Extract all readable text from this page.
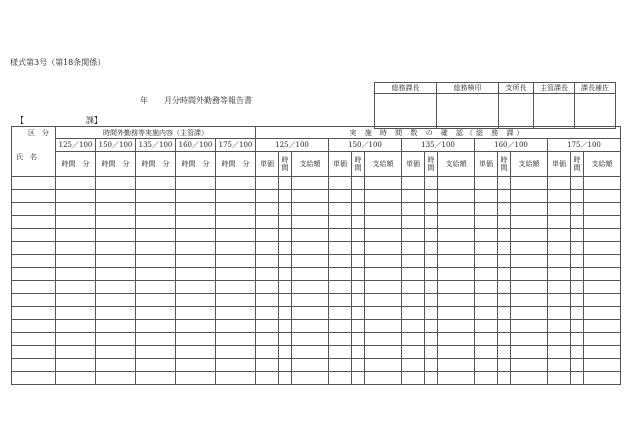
様式第3号（第18条関係）
年　　月分時間外勤務等報告書
【	課】
総務課長	総務検印	支所長	主管課長	課長補佐

区　分	時間外勤務等実施内容（主管課）					実 施 時 間 数 の 確 認（総 務 課）														
氏　名	125／100	150／100	135／100	160／100	175／100	125／100			150／100			135／100			160／100			175／100		
	時間　分	時間　分	時間　分	時間　分	時間　分	単価	時間	支給額	単価	時間	支給額	単価	時間	支給額	単価	時間	支給額	単価	時間	支給額
